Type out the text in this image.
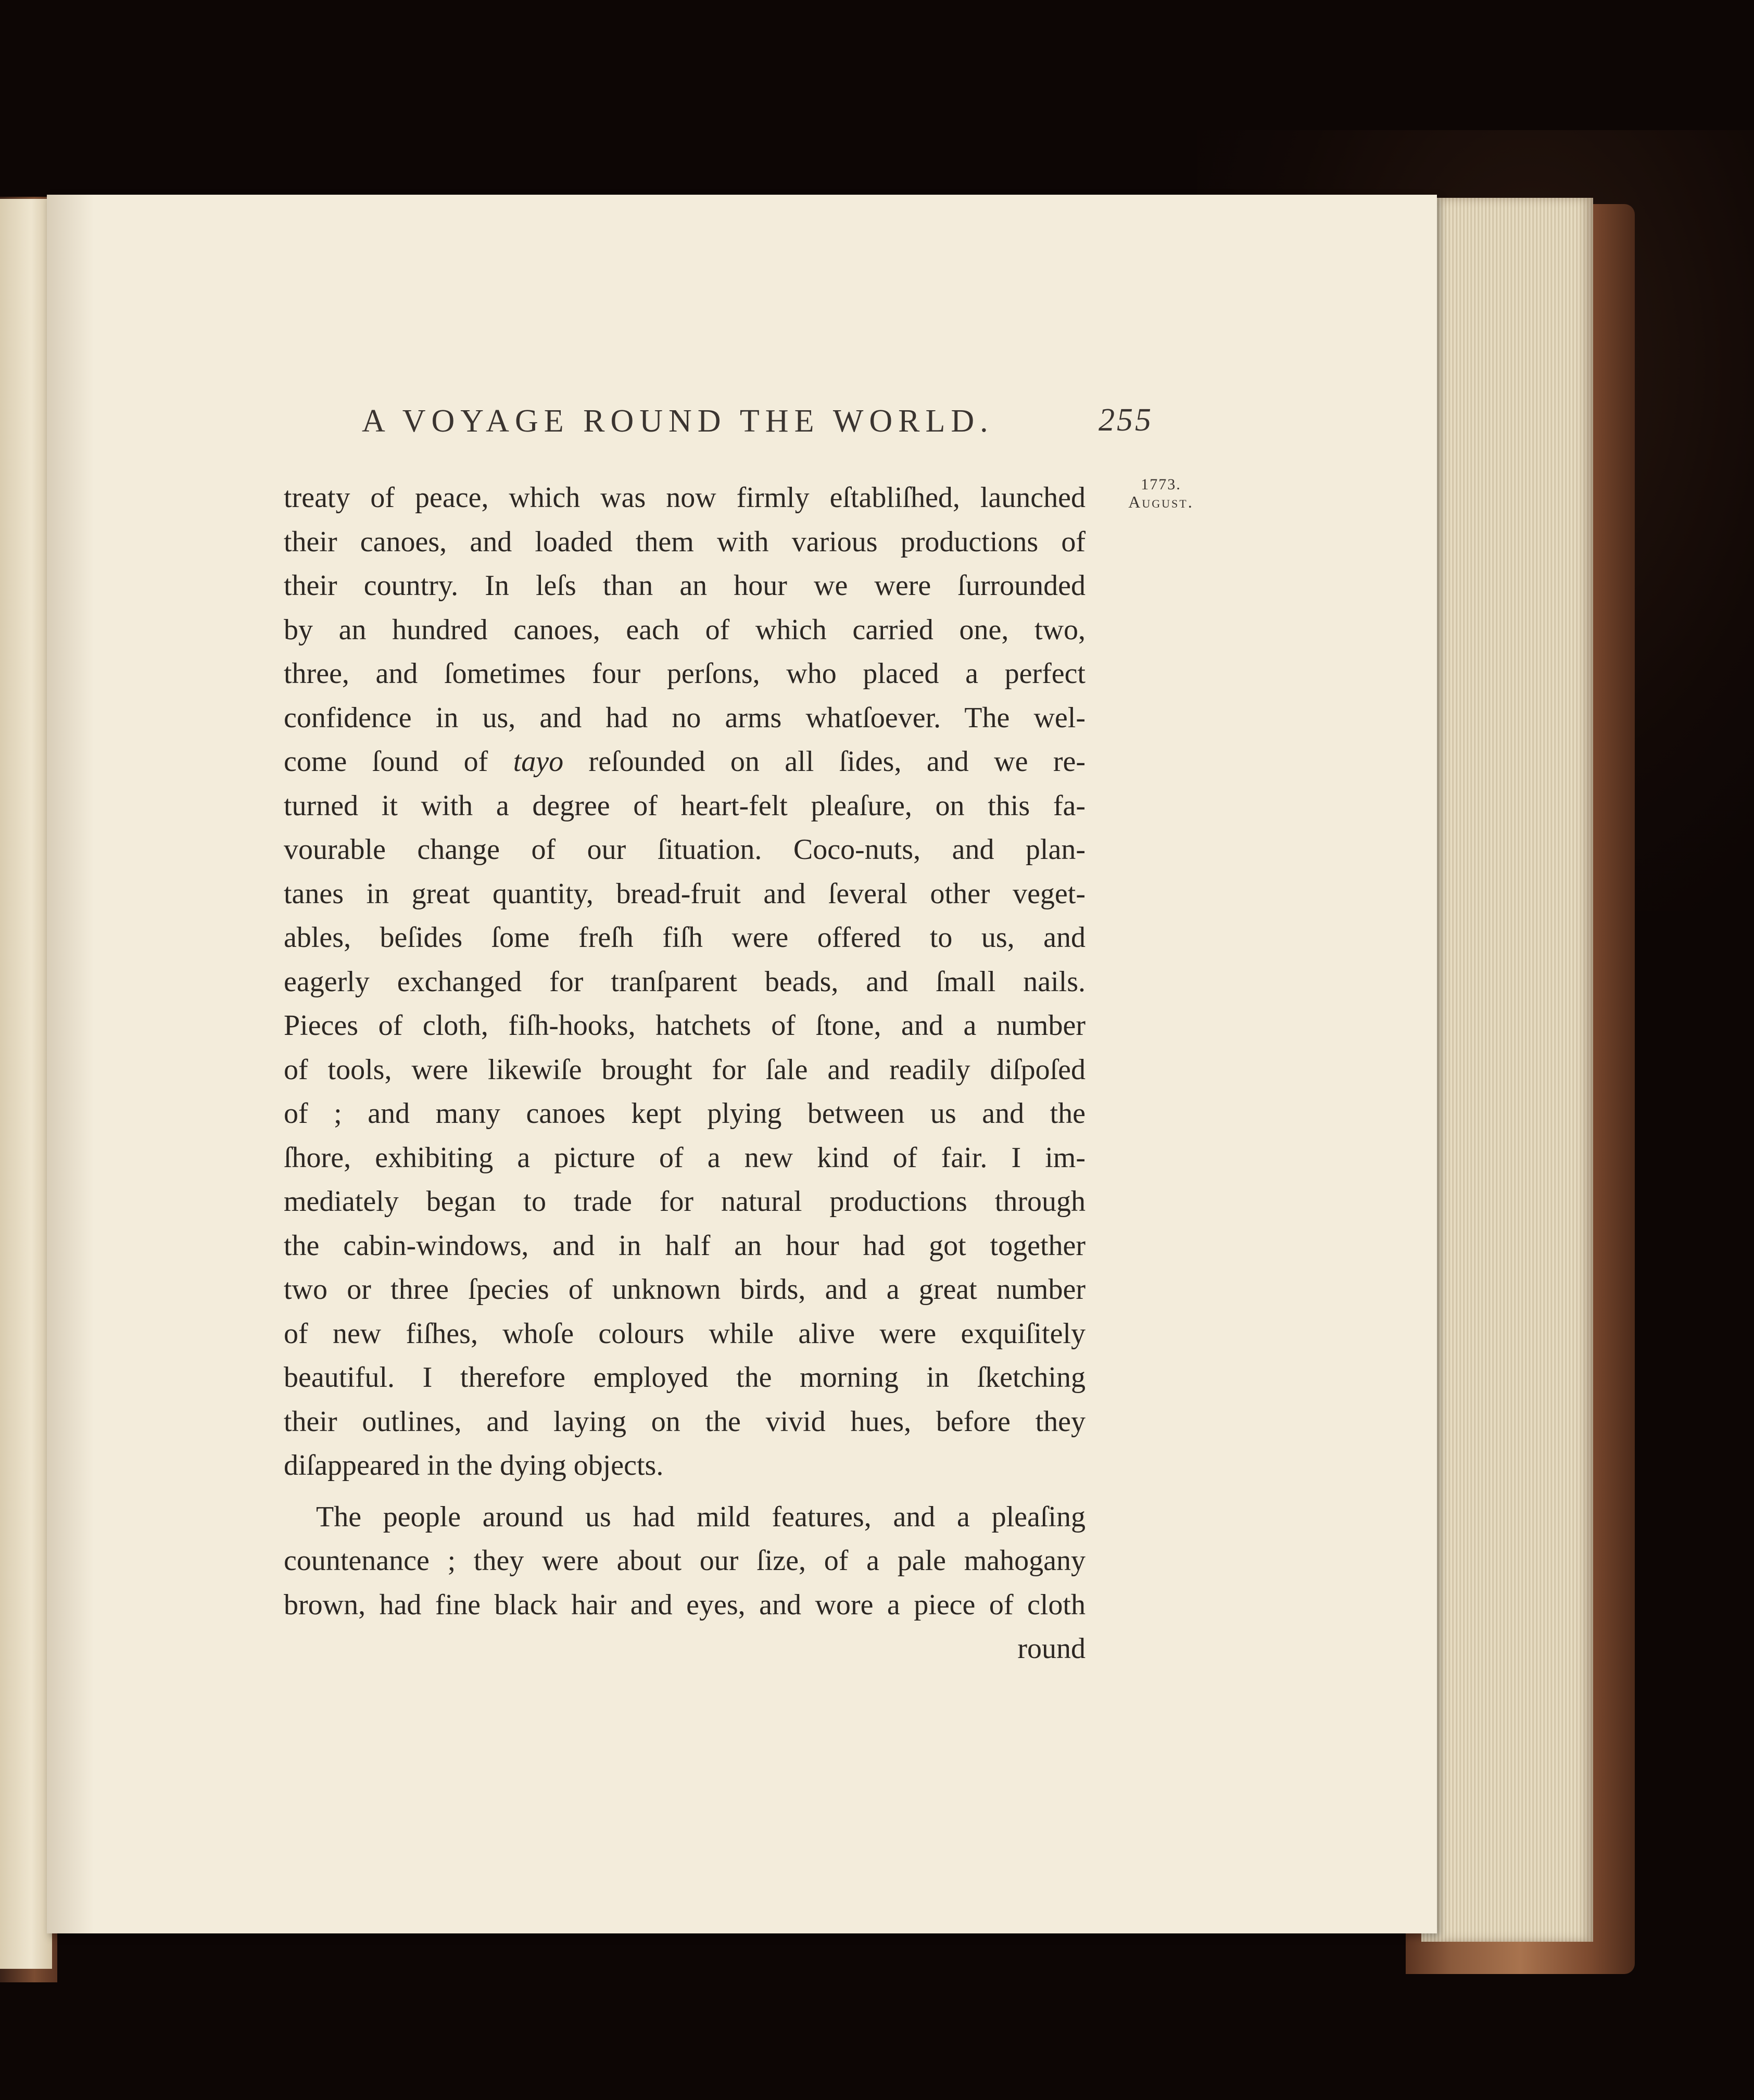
A VOYAGE ROUND THE WORLD.	255
1773.
August.
treaty of peace, which was now firmly eſtabliſhed, launched
their canoes, and loaded them with various productions of
their country. In leſs than an hour we were ſurrounded
by an hundred canoes, each of which carried one, two,
three, and ſometimes four perſons, who placed a perfect
confidence in us, and had no arms whatſoever. The wel-
come ſound of tayo reſounded on all ſides, and we re-
turned it with a degree of heart-felt pleaſure, on this fa-
vourable change of our ſituation. Coco-nuts, and plan-
tanes in great quantity, bread-fruit and ſeveral other veget-
ables, beſides ſome freſh fiſh were offered to us, and
eagerly exchanged for tranſparent beads, and ſmall nails.
Pieces of cloth, fiſh-hooks, hatchets of ſtone, and a number
of tools, were likewiſe brought for ſale and readily diſpoſed
of ; and many canoes kept plying between us and the
ſhore, exhibiting a picture of a new kind of fair. I im-
mediately began to trade for natural productions through
the cabin-windows, and in half an hour had got together
two or three ſpecies of unknown birds, and a great number
of new fiſhes, whoſe colours while alive were exquiſitely
beautiful. I therefore employed the morning in ſketching
their outlines, and laying on the vivid hues, before they
diſappeared in the dying objects.
The people around us had mild features, and a pleaſing
countenance ; they were about our ſize, of a pale mahogany
brown, had fine black hair and eyes, and wore a piece of cloth
round
